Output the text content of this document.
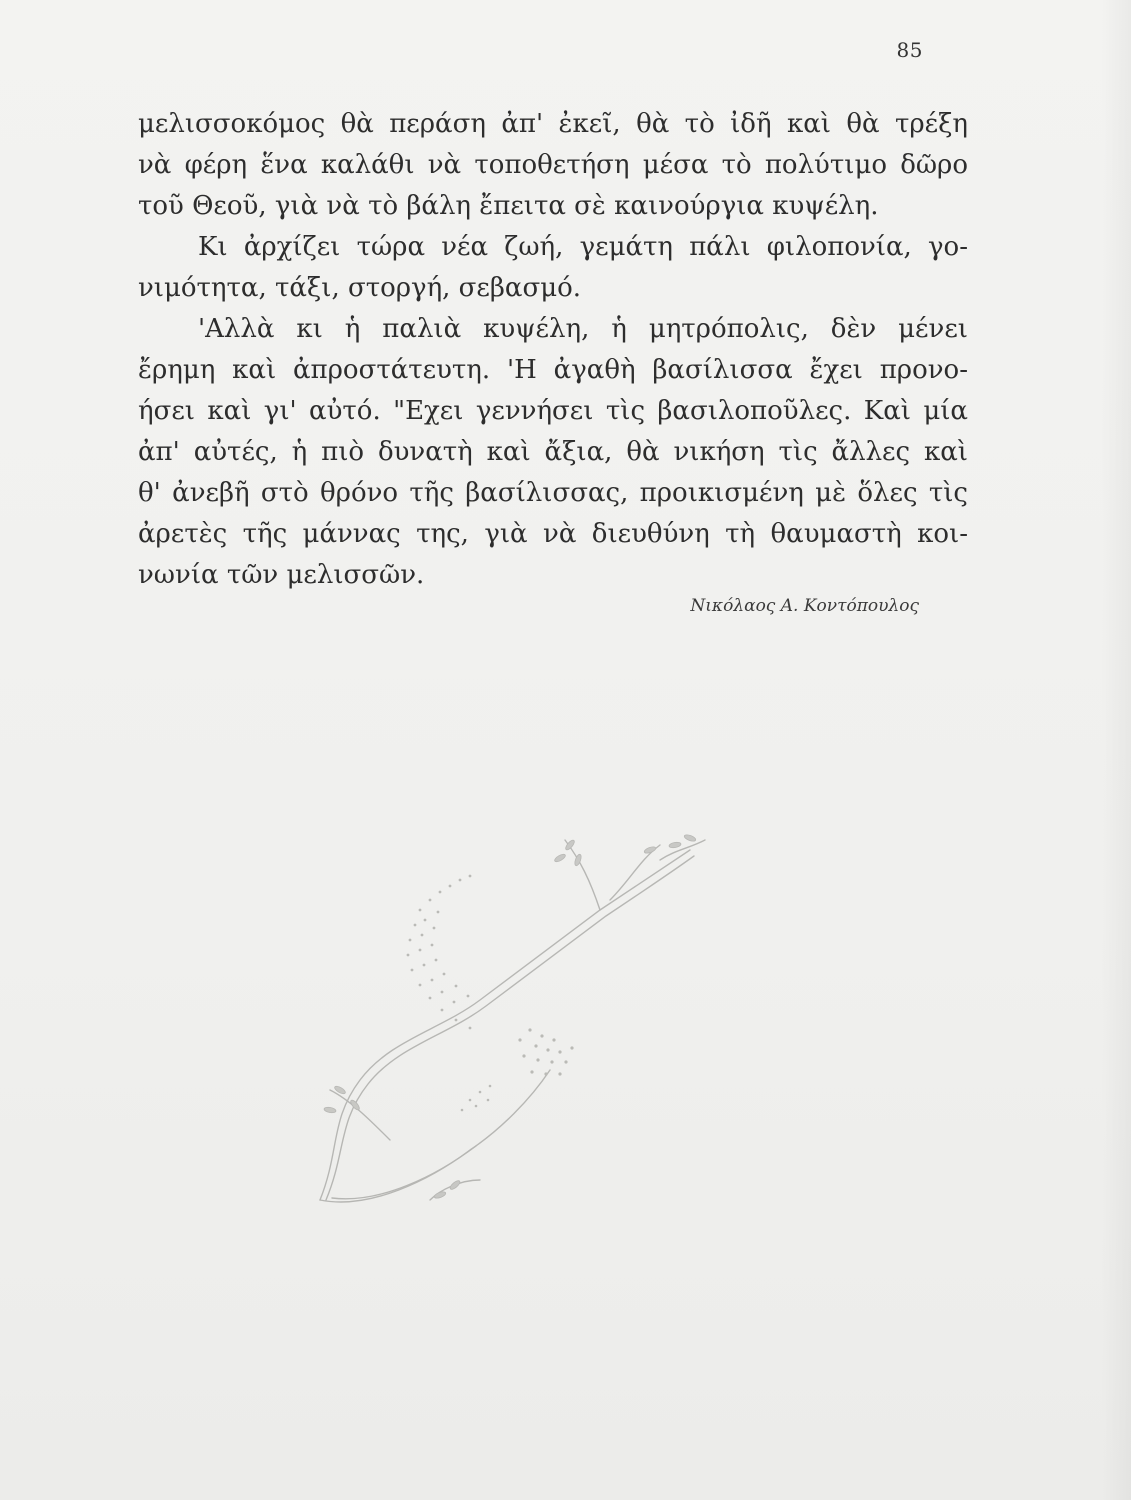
85
μελισσοκόμος θὰ περάση ἀπ' ἐκεῖ, θὰ τὸ ἰδῆ καὶ θὰ τρέξη
νὰ φέρη ἕνα καλάθι νὰ τοποθετήση μέσα τὸ πολύτιμο δῶρο
τοῦ Θεοῦ, γιὰ νὰ τὸ βάλη ἔπειτα σὲ καινούργια κυψέλη.
Κι ἀρχίζει τώρα νέα ζωή, γεμάτη πάλι φιλοπονία, γο-
νιμότητα, τάξι, στοργή, σεβασμό.
'Αλλὰ κι ἡ παλιὰ κυψέλη, ἡ μητρόπολις, δὲν μένει
ἔρημη καὶ ἀπροστάτευτη. 'Η ἀγαθὴ βασίλισσα ἔχει προνο-
ήσει καὶ γι' αὐτό. "Εχει γεννήσει τὶς βασιλοποῦλες. Καὶ μία
ἀπ' αὐτές, ἡ πιὸ δυνατὴ καὶ ἄξια, θὰ νικήση τὶς ἄλλες καὶ
θ' ἀνεβῆ στὸ θρόνο τῆς βασίλισσας, προικισμένη μὲ ὅλες τὶς
ἀρετὲς τῆς μάννας της, γιὰ νὰ διευθύνη τὴ θαυμαστὴ κοι-
νωνία τῶν μελισσῶν.
Νικόλαος Α. Κοντόπουλος
